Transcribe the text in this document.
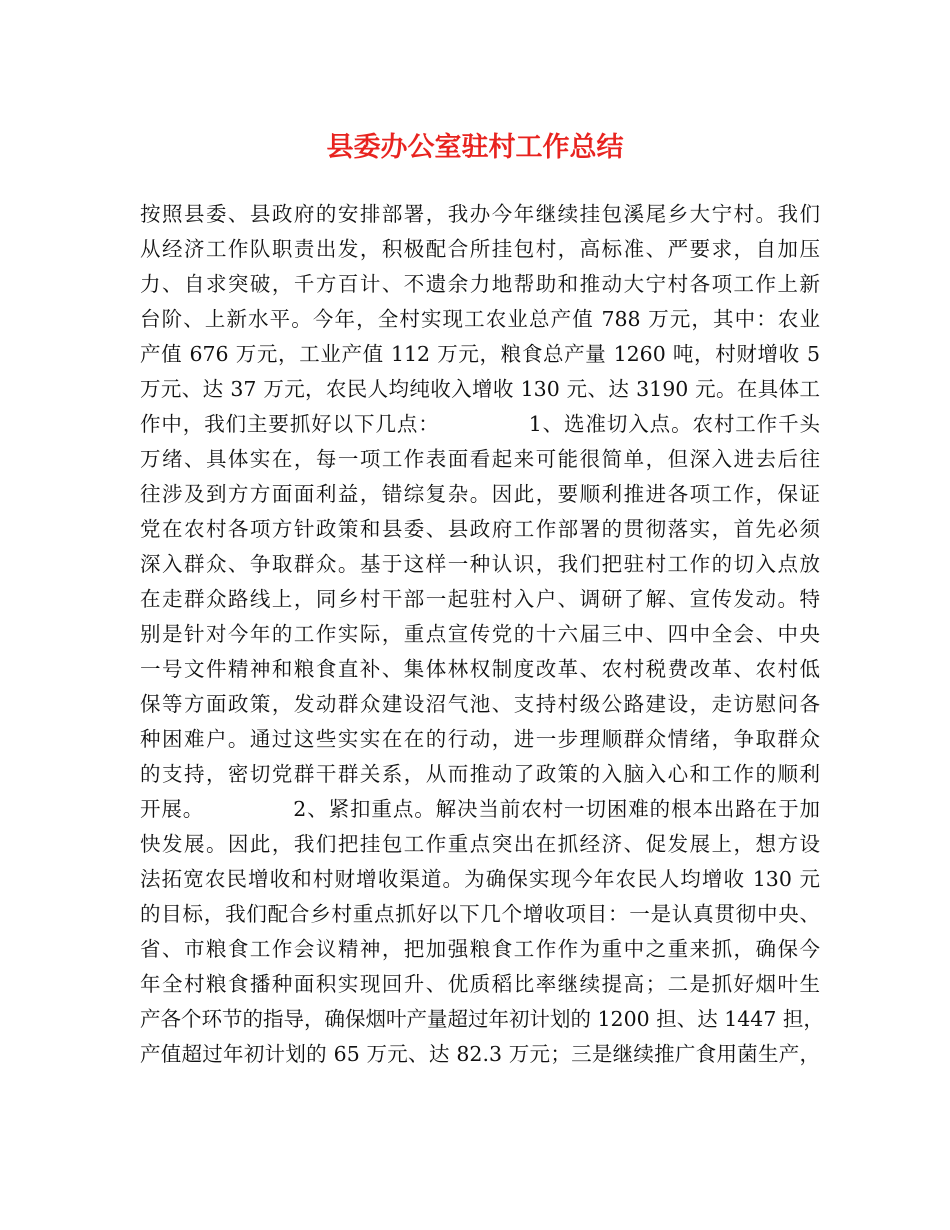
县委办公室驻村工作总结
按照县委、县政府的安排部署，我办今年继续挂包溪尾乡大宁村。我们
从经济工作队职责出发，积极配合所挂包村，高标准、严要求，自加压
力、自求突破，千方百计、不遗余力地帮助和推动大宁村各项工作上新
台阶、上新水平。今年，全村实现工农业总产值 788 万元，其中：农业
产值 676 万元，工业产值 112 万元，粮食总产量 1260 吨，村财增收 5
万元、达 37 万元，农民人均纯收入增收 130 元、达 3190 元。在具体工
作中，我们主要抓好以下几点：            1、选准切入点。农村工作千头
万绪、具体实在，每一项工作表面看起来可能很简单，但深入进去后往
往涉及到方方面面利益，错综复杂。因此，要顺利推进各项工作，保证
党在农村各项方针政策和县委、县政府工作部署的贯彻落实，首先必须
深入群众、争取群众。基于这样一种认识，我们把驻村工作的切入点放
在走群众路线上，同乡村干部一起驻村入户、调研了解、宣传发动。特
别是针对今年的工作实际，重点宣传党的十六届三中、四中全会、中央
一号文件精神和粮食直补、集体林权制度改革、农村税费改革、农村低
保等方面政策，发动群众建设沼气池、支持村级公路建设，走访慰问各
种困难户。通过这些实实在在的行动，进一步理顺群众情绪，争取群众
的支持，密切党群干群关系，从而推动了政策的入脑入心和工作的顺利
开展。            2、紧扣重点。解决当前农村一切困难的根本出路在于加
快发展。因此，我们把挂包工作重点突出在抓经济、促发展上，想方设
法拓宽农民增收和村财增收渠道。为确保实现今年农民人均增收 130 元
的目标，我们配合乡村重点抓好以下几个增收项目：一是认真贯彻中央、
省、市粮食工作会议精神，把加强粮食工作作为重中之重来抓，确保今
年全村粮食播种面积实现回升、优质稻比率继续提高；二是抓好烟叶生
产各个环节的指导，确保烟叶产量超过年初计划的 1200 担、达 1447 担，
产值超过年初计划的 65 万元、达 82.3 万元；三是继续推广食用菌生产，
